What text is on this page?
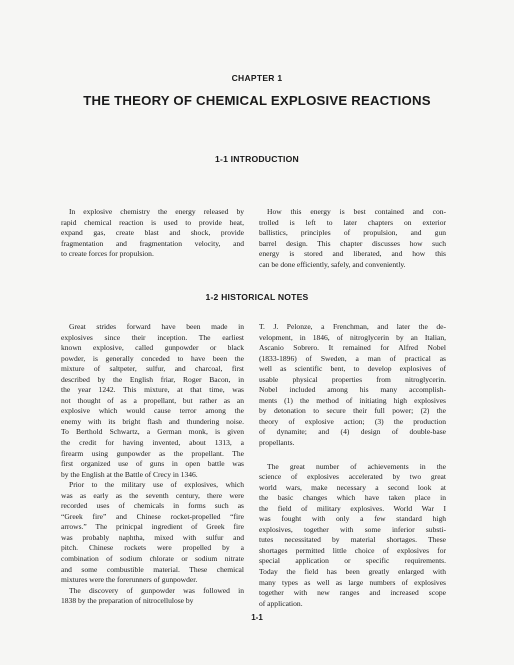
CHAPTER 1
THE THEORY OF CHEMICAL EXPLOSIVE REACTIONS
1-1 INTRODUCTION

In explosive chemistry the energy released by

rapid chemical reaction is used to provide heat,

expand gas, create blast and shock, provide

fragmentation and fragmentation velocity, and

to create forces for propulsion.

How this energy is best contained and con-

trolled is left to later chapters on exterior

ballistics, principles of propulsion, and gun

barrel design. This chapter discusses how such

energy is stored and liberated, and how this

can be done efficiently, safely, and conveniently.

1-2 HISTORICAL NOTES

Great strides forward have been made in

explosives since their inception. The earliest

known explosive, called gunpowder or black

powder, is generally conceded to have been the

mixture of saltpeter, sulfur, and charcoal, first

described by the English friar, Roger Bacon, in

the year 1242. This mixture, at that time, was

not thought of as a propellant, but rather as an

explosive which would cause terror among the

enemy with its bright flash and thundering noise.

To Berthold Schwartz, a German monk, is given

the credit for having invented, about 1313, a

firearm using gunpowder as the propellant. The

first organized use of guns in open battle was

by the English at the Battle of Crecy in 1346.

Prior to the military use of explosives, which

was as early as the seventh century, there were

recorded uses of chemicals in forms such as

“Greek fire” and Chinese rocket-propelled “fire

arrows.” The prinicpal ingredient of Greek fire

was probably naphtha, mixed with sulfur and

pitch. Chinese rockets were propelled by a

combination of sodium chlorate or sodium nitrate

and some combustible material. These chemical

mixtures were the forerunners of gunpowder.

The discovery of gunpowder was followed in

1838 by the preparation of nitrocellulose by

T. J. Pelonze, a Frenchman, and later the de-

velopment, in 1846, of nitroglycerin by an Italian,

Ascanio Sobrero. It remained for Alfred Nobel

(1833-1896) of Sweden, a man of practical as

well as scientific bent, to develop explosives of

usable physical properties from nitroglycerin.

Nobel included among his many accomplish-

ments (1) the method of initiating high explosives

by detonation to secure their full power; (2) the

theory of explosive action; (3) the production

of dynamite; and (4) design of double-base

propellants.

The great number of achievements in the

science of explosives accelerated by two great

world wars, make necessary a second look at

the basic changes which have taken place in

the field of military explosives. World War I

was fought with only a few standard high

explosives, together with some inferior substi-

tutes necessitated by material shortages. These

shortages permitted little choice of explosives for

special application or specific requirements.

Today the field has been greatly enlarged with

many types as well as large numbers of explosives

together with new ranges and increased scope

of application.

1-1
